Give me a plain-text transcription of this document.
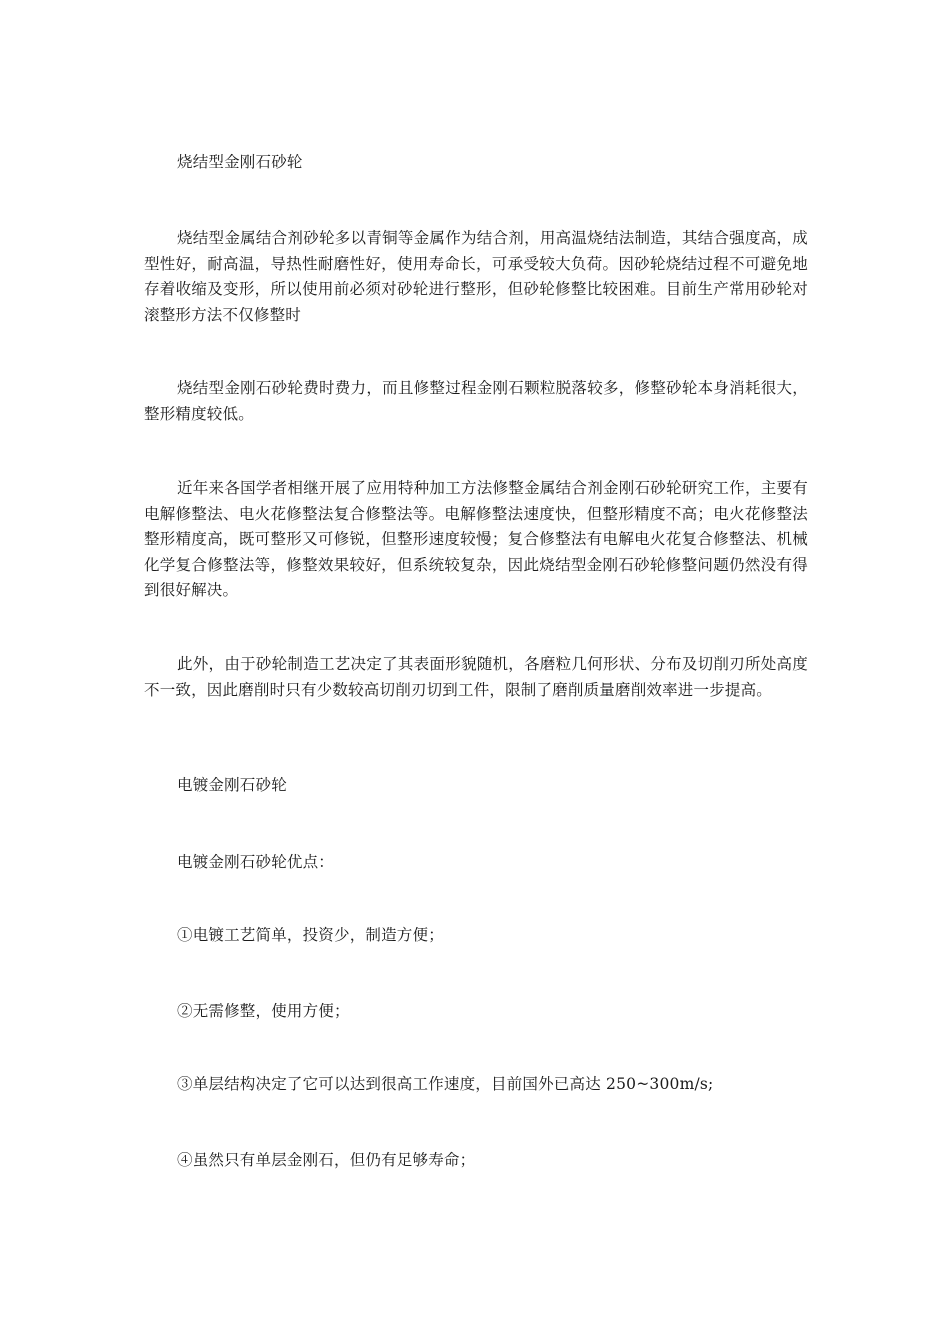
烧结型金刚石砂轮

烧结型金属结合剂砂轮多以青铜等金属作为结合剂，用高温烧结法制造，其结合强度高，成型性好，耐高温，导热性耐磨性好，使用寿命长，可承受较大负荷。因砂轮烧结过程不可避免地存着收缩及变形，所以使用前必须对砂轮进行整形，但砂轮修整比较困难。目前生产常用砂轮对滚整形方法不仅修整时

烧结型金刚石砂轮费时费力，而且修整过程金刚石颗粒脱落较多，修整砂轮本身消耗很大，整形精度较低。

近年来各国学者相继开展了应用特种加工方法修整金属结合剂金刚石砂轮研究工作，主要有电解修整法、电火花修整法复合修整法等。电解修整法速度快，但整形精度不高；电火花修整法整形精度高，既可整形又可修锐，但整形速度较慢；复合修整法有电解电火花复合修整法、机械化学复合修整法等，修整效果较好，但系统较复杂，因此烧结型金刚石砂轮修整问题仍然没有得到很好解决。

此外，由于砂轮制造工艺决定了其表面形貌随机，各磨粒几何形状、分布及切削刃所处高度不一致，因此磨削时只有少数较高切削刃切到工件，限制了磨削质量磨削效率进一步提高。

电镀金刚石砂轮

电镀金刚石砂轮优点：

①电镀工艺简单，投资少，制造方便；

②无需修整，使用方便；

③单层结构决定了它可以达到很高工作速度，目前国外已高达 250~300m/s;

④虽然只有单层金刚石，但仍有足够寿命；
